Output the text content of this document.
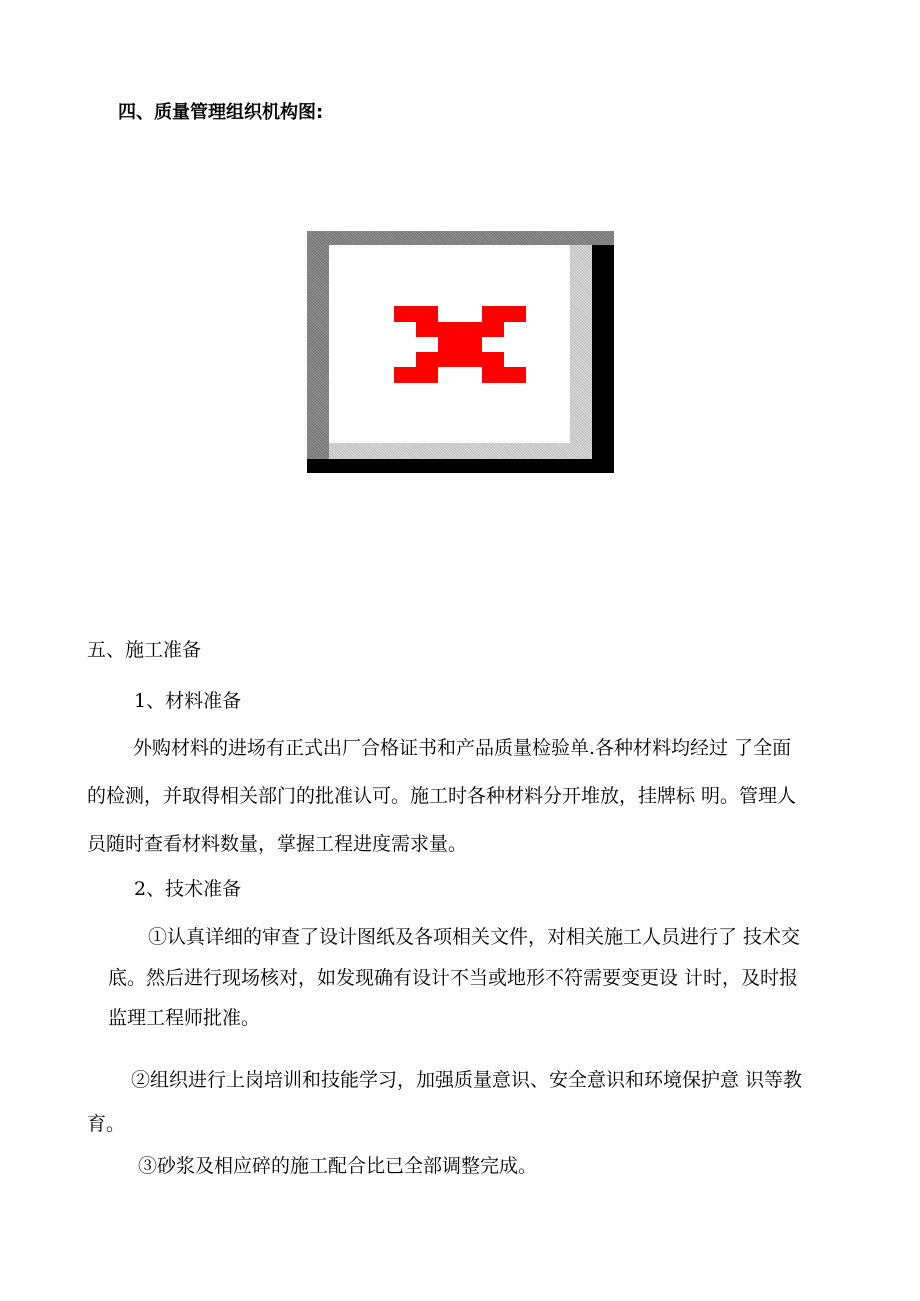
四、质量管理组织机构图:
五、施工准备
1、材料准备
外购材料的进场有正式出厂合格证书和产品质量检验单.各种材料均经过 了全面
的检测，并取得相关部门的批准认可。施工时各种材料分开堆放，挂牌标 明。管理人
员随时查看材料数量，掌握工程进度需求量。
2、技术准备
①认真详细的审查了设计图纸及各项相关文件，对相关施工人员进行了 技术交
底。然后进行现场核对，如发现确有设计不当或地形不符需要变更设 计时，及时报
监理工程师批准。
②组织进行上岗培训和技能学习，加强质量意识、安全意识和环境保护意 识等教
育。
③砂浆及相应碎的施工配合比已全部调整完成。
